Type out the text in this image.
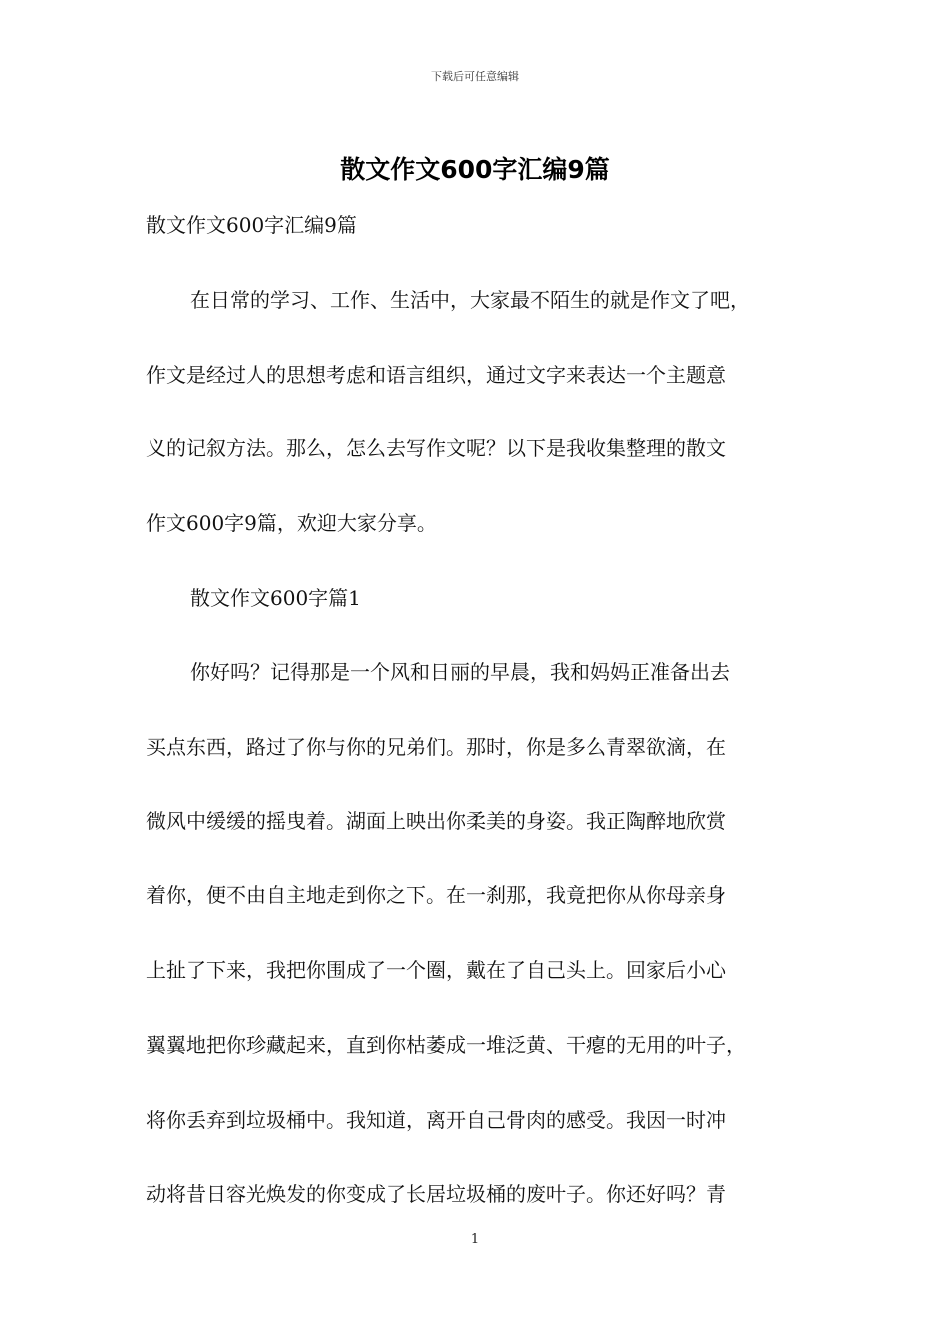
下载后可任意编辑
散文作文600字汇编9篇
散文作文600字汇编9篇
在日常的学习、工作、生活中，大家最不陌生的就是作文了吧，
作文是经过人的思想考虑和语言组织，通过文字来表达一个主题意
义的记叙方法。那么，怎么去写作文呢？以下是我收集整理的散文
作文600字9篇，欢迎大家分享。
散文作文600字篇1
你好吗？记得那是一个风和日丽的早晨，我和妈妈正准备出去
买点东西，路过了你与你的兄弟们。那时，你是多么青翠欲滴，在
微风中缓缓的摇曳着。湖面上映出你柔美的身姿。我正陶醉地欣赏
着你，便不由自主地走到你之下。在一刹那，我竟把你从你母亲身
上扯了下来，我把你围成了一个圈，戴在了自己头上。回家后小心
翼翼地把你珍藏起来，直到你枯萎成一堆泛黄、干瘪的无用的叶子，
将你丢弃到垃圾桶中。我知道，离开自己骨肉的感受。我因一时冲
动将昔日容光焕发的你变成了长居垃圾桶的废叶子。你还好吗？青
1
